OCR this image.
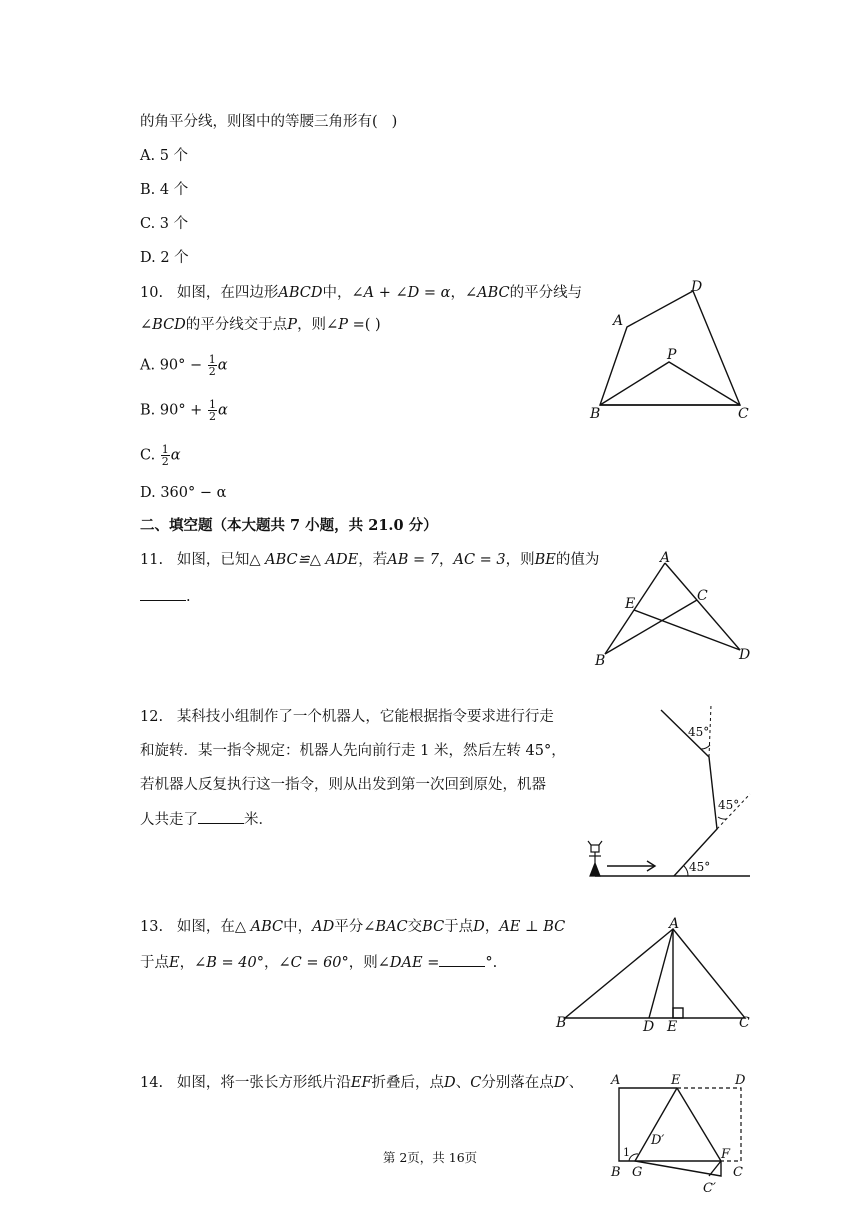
的角平分线，则图中的等腰三角形有( )
A. 5 个
B. 4 个
C. 3 个
D. 2 个
10. 如图，在四边形ABCD中，∠A + ∠D = α，∠ABC的平分线与
∠BCD的平分线交于点P，则∠P =( )
A. $90^\circ - \frac{1}{2}$ α
B. $90^\circ + \frac{1}{2}$ α
C. $\frac{1}{2}$ α
D. 360° − α
A
B	C
D
P
二、填空题（本大题共 7 小题，共 21.0 分）
11. 如图，已知△ ABC≌△ ADE，若AB = 7，AC = 3，则BE的值为
.
A
B
C
D
E
12. 某科技小组制作了一个机器人，它能根据指令要求进行行走
和旋转．某一指令规定：机器人先向前行走 1 米，然后左转 45°，
若机器人反复执行这一指令，则从出发到第一次回到原处，机器
人共走了	米．
45°
45°
45°
13. 如图，在△ ABC中，AD平分∠BAC交BC于点D，AE ⊥ BC
于点E，∠B = 40°，∠C = 60°，则∠DAE =	°.
A
B	C
D E
14. 如图，将一张长方形纸片沿EF折叠后，点D、C分别落在点D′、 A	E	D
B G
F
C
D′
C′
1
第 2页，共 16页
